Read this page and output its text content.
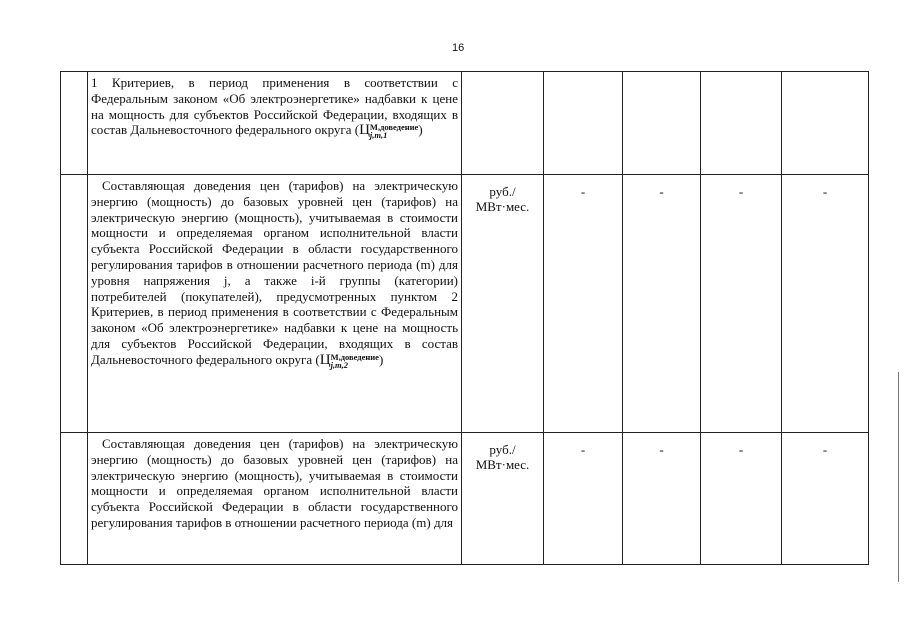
16

	1 Критериев, в период применения в соответствии с Федеральным законом «Об электроэнергетике» надбавки к цене на мощность для субъектов Российской Федерации, входящих в состав Дальневосточного федерального округа (Ц М,доведение
j,m,1 )					

	Составляющая доведения цен (тарифов) на электрическую энергию (мощность) до базовых уровней цен (тарифов) на электрическую энергию (мощность), учитываемая в стоимости мощности и определяемая органом исполнительной власти субъекта Российской Федерации в области государственного регулирования тарифов в отношении расчетного периода (m) для уровня напряжения j, а также i-й группы (категории) потребителей (покупателей), предусмотренных пунктом 2 Критериев, в период применения в соответствии с Федеральным законом «Об электроэнергетике» надбавки к цене на мощность для субъектов Российской Федерации, входящих в состав Дальневосточного федерального округа (Ц М,доведение
j,m,2 )	руб./
МВт·мес.	-	-	-	-

	Составляющая доведения цен (тарифов) на электрическую энергию (мощность) до базовых уровней цен (тарифов) на электрическую энергию (мощность), учитываемая в стоимости мощности и определяемая органом исполнительной власти субъекта Российской Федерации в области государственного регулирования тарифов в отношении расчетного периода (m) для	руб./
МВт·мес.	-	-	-	-
